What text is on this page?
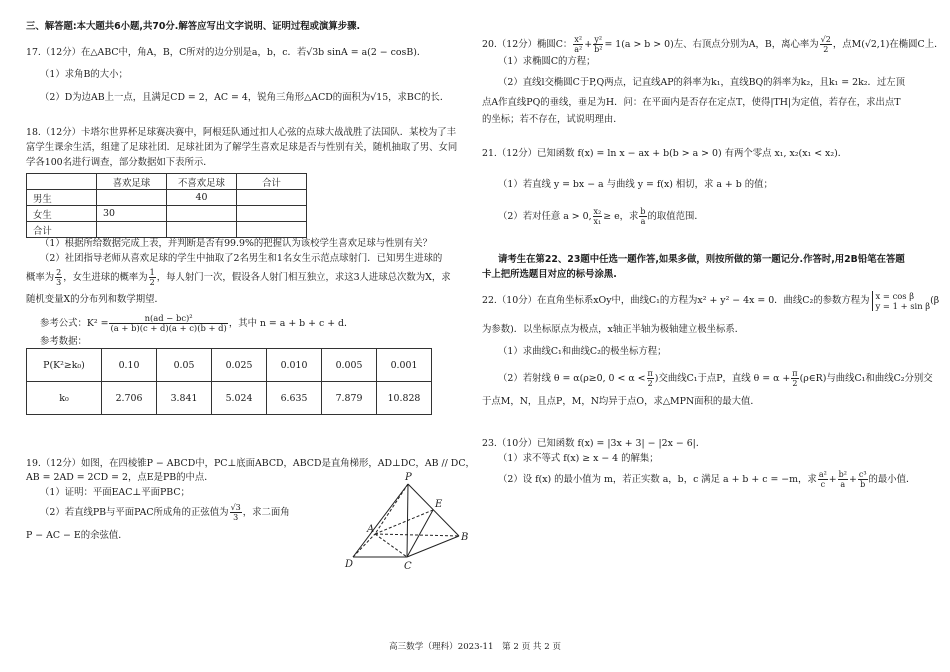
三、解答题:本大题共6小题,共70分.解答应写出文字说明、证明过程或演算步骤.
17.（12分）在△ABC中，角A，B，C所对的边分别是a，b，c．若√3b sinA = a(2 − cosB)．
（1）求角B的大小；
（2）D为边AB上一点，且满足CD = 2，AC = 4，锐角三角形△ACD的面积为√15，求BC的长．
18.（12分）卡塔尔世界杯足球赛决赛中，阿根廷队通过扣人心弦的点球大战战胜了法国队．某校为了丰
富学生课余生活，组建了足球社团．足球社团为了解学生喜欢足球是否与性别有关，随机抽取了男、女同
学各100名进行调查，部分数据如下表所示．
	喜欢足球	不喜欢足球	合计
男生		40	
女生	30		
合计			
（1）根据所给数据完成上表，并判断是否有99.9%的把握认为该校学生喜欢足球与性别有关？
（2）社团指导老师从喜欢足球的学生中抽取了2名男生和1名女生示范点球射门．已知男生进球的
概率为 $\frac{2}{3}$ ，女生进球的概率为 $\frac{1}{2}$ ，每人射门一次，假设各人射门相互独立，求这3人进球总次数为X，求
随机变量X的分布列和数学期望．
参考公式：$K^2 = \frac{\text{n(ad − bc)²}}{(a + b)(c + d)(a + c)(b + d)}$ ，其中 n = a + b + c + d．
参考数据：
P(K²≥k₀)	0.10	0.05	0.025	0.010	0.005	0.001
k₀	2.706	3.841	5.024	6.635	7.879	10.828
19.（12分）如图，在四棱锥P − ABCD中，PC⊥底面ABCD，ABCD是直角梯形，AD⊥DC，AB // DC，
AB = 2AD = 2CD = 2，点E是PB的中点．
（1）证明：平面EAC⊥平面PBC；
（2）若直线PB与平面PAC所成角的正弦值为 $\frac{√3}{3}$ ，求二面角
P − AC − E的余弦值．
P
E
A
B
C
D
20.（12分）椭圆C： $\frac{\text{x²}}{\text{a²}} + \frac{\text{y²}}{\text{b²}} = 1(a > b > 0)$左、右顶点分别为A，B，离心率为 $\frac{√2}{2}$ ，点M(√2,1)在椭圆C上．
（1）求椭圆C的方程；
（2）直线l交椭圆C于P,Q两点，记直线AP的斜率为k₁，直线BQ的斜率为k₂，且k₁ = 2k₂．过左顶
点A作直线PQ的垂线，垂足为H．问：在平面内是否存在定点T，使得|TH|为定值，若存在，求出点T
的坐标；若不存在，试说明理由．
21.（12分）已知函数 f(x) = ln x − ax + b(b > a > 0) 有两个零点 x₁, x₂(x₁ < x₂)．
（1）若直线 y = bx − a 与曲线 y = f(x) 相切，求 a + b 的值；
（2）若对任意 a > 0, $\frac{\text{x₂}}{\text{x₁}} \ge e$，求 $\frac{b}{a}$ 的取值范围．
请考生在第22、23题中任选一题作答,如果多做，则按所做的第一题记分.作答时,用2B铅笔在答题
卡上把所选题目对应的标号涂黑.
22.（10分）在直角坐标系xOy中，曲线C₁的方程为x² + y² − 4x = 0．曲线C₂的参数方程为 x = cos β
y = 1 + sin β (β
为参数)．以坐标原点为极点，x轴正半轴为极轴建立极坐标系．
（1）求曲线C₁和曲线C₂的极坐标方程；
（2）若射线 θ = α(ρ≥0, $0 < \alpha < \frac{\pi}{2}$ )交曲线C₁于点P，直线 $\theta = \alpha + \frac{\pi}{2}$ (ρ∈R)与曲线C₁和曲线C₂分别交
于点M，N，且点P，M，N均异于点O，求△MPN面积的最大值．
23.（10分）已知函数 f(x) = |3x + 3| − |2x − 6|．
（1）求不等式 f(x) ≥ x − 4 的解集；
（2）设 f(x) 的最小值为 m，若正实数 a，b，c 满足 a + b + c = −m，求 $\frac{\text{a²}}{c} + \frac{\text{b²}}{a} + \frac{\text{c³}}{b}$ 的最小值．
高三数学（理科）2023-11　第 2 页 共 2 页
